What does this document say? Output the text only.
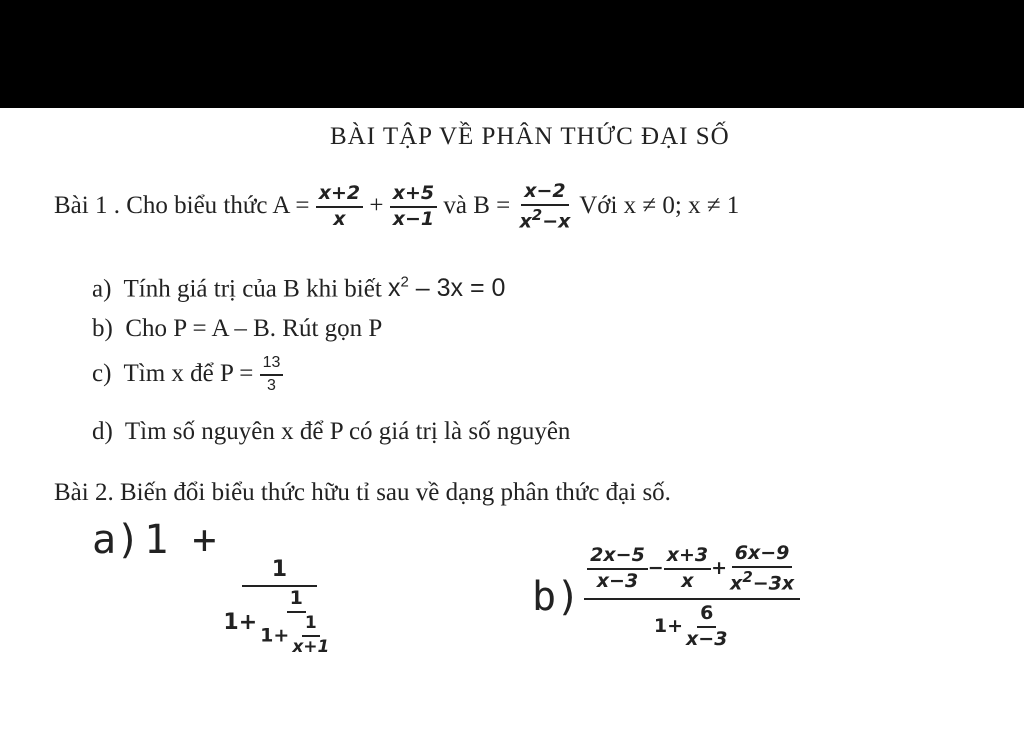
BÀI TẬP VỀ PHÂN THỨC ĐẠI SỐ
Bài 1 . Cho biểu thức $A = \frac{x+2}{x} + \frac{x+5}{x-1}$ và $B = \frac{x-2}{x^2-x}$ Với x ≠ 0; x ≠ 1
a) Tính giá trị của B khi biết $x^2 - 3x = 0$
b) Cho P = A – B. Rút gọn P
c) Tìm x để $P = \frac{13}{3}$
d) Tìm số nguyên x để P có giá trị là số nguyên
Bài 2. Biến đổi biểu thức hữu tỉ sau về dạng phân thức đại số.
a) 1 +
1
$1+ \frac{1}{1+ \frac{1}{x+1}}$	$b) \frac{\frac{2x-5}{x-3} - \frac{x+3}{x} + \frac{6x-9}{x^2-3x}}{1+ \frac{6}{x-3}}$
